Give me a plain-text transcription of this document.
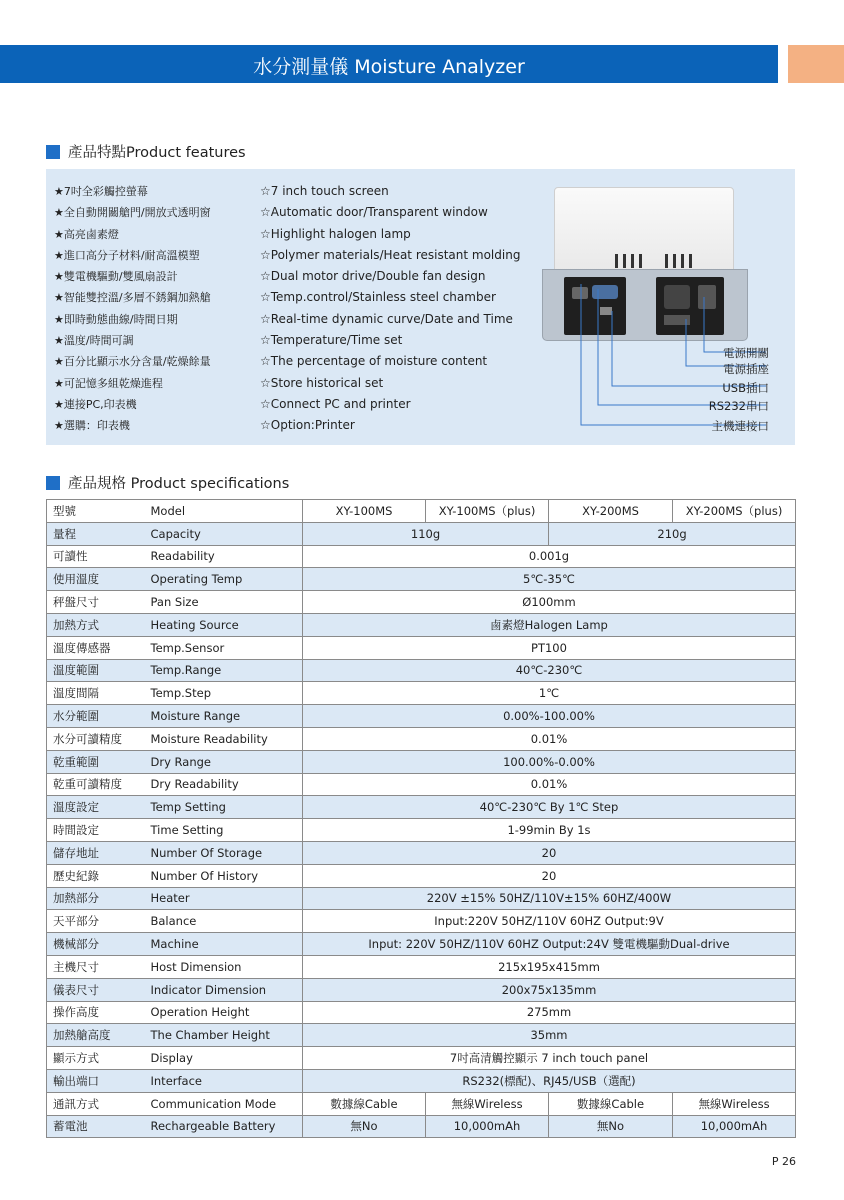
水分測量儀 Moisture Analyzer
產品特點Product features
★7吋全彩觸控螢幕
★全自動開關艙門/開放式透明窗
★高亮鹵素燈
★進口高分子材料/耐高溫模塑
★雙電機驅動/雙風扇設計
★智能雙控溫/多層不銹鋼加熱艙
★即時動態曲線/時間日期
★溫度/時間可調
★百分比顯示水分含量/乾燥餘量
★可記憶多組乾燥進程
★連接PC,印表機
★選購：印表機
☆7 inch touch screen
☆Automatic door/Transparent window
☆Highlight halogen lamp
☆Polymer materials/Heat resistant molding
☆Dual motor drive/Double fan design
☆Temp.control/Stainless steel chamber
☆Real-time dynamic curve/Date and Time
☆Temperature/Time set
☆The percentage of moisture content
☆Store historical set
☆Connect PC and printer
☆Option:Printer
電源開關
電源插座
USB插口
RS232串口
主機連接口
產品規格 Product specifications
型號	Model	XY-100MS	XY-100MS（plus)	XY-200MS	XY-200MS（plus)
量程	Capacity	110g		210g	
可讀性	Readability	0.001g			
使用溫度	Operating Temp	5℃-35℃			
秤盤尺寸	Pan Size	Ø100mm			
加熱方式	Heating Source	鹵素燈Halogen Lamp			
溫度傳感器	Temp.Sensor	PT100			
溫度範圍	Temp.Range	40℃-230℃			
溫度間隔	Temp.Step	1℃			
水分範圍	Moisture Range	0.00%-100.00%			
水分可讀精度	Moisture Readability	0.01%			
乾重範圍	Dry Range	100.00%-0.00%			
乾重可讀精度	Dry Readability	0.01%			
溫度設定	Temp Setting	40℃-230℃ By 1℃ Step			
時間設定	Time Setting	1-99min By 1s			
儲存地址	Number Of Storage	20			
歷史紀錄	Number Of History	20			
加熱部分	Heater	220V ±15% 50HZ/110V±15% 60HZ/400W			
天平部分	Balance	Input:220V 50HZ/110V 60HZ Output:9V			
機械部分	Machine	Input: 220V 50HZ/110V 60HZ Output:24V 雙電機驅動Dual-drive			
主機尺寸	Host Dimension	215x195x415mm			
儀表尺寸	Indicator Dimension	200x75x135mm			
操作高度	Operation Height	275mm			
加熱艙高度	The Chamber Height	35mm			
顯示方式	Display	7吋高清觸控顯示 7 inch touch panel			
輸出端口	Interface	RS232(標配)、RJ45/USB（選配)			
通訊方式	Communication Mode	數據線Cable	無線Wireless	數據線Cable	無線Wireless
蓄電池	Rechargeable Battery	無No	10,000mAh	無No	10,000mAh
P 26
